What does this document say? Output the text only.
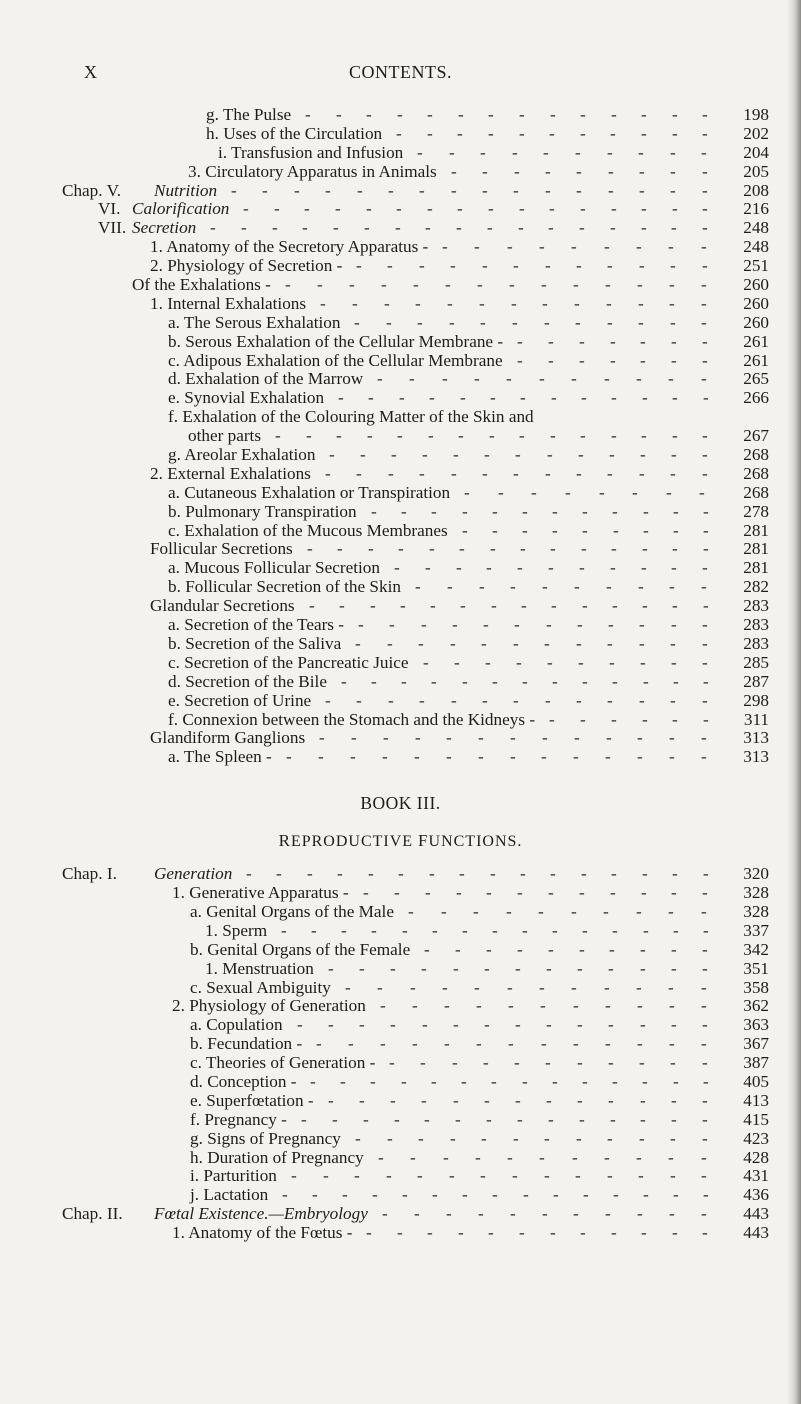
X	CONTENTS.
g. The Pulse	198
- - - - - - - - - - - - - -
h. Uses of the Circulation	202
- - - - - - - - - - -
i. Transfusion and Infusion	204
- - - - - - - - - -
3. Circulatory Apparatus in Animals	205
- - - - - - - - -
Chap. V. Nutrition	208
- - - - - - - - - - - - - - - -
VI. Calorification	216
- - - - - - - - - - - - - - - -
VII. Secretion	248
- - - - - - - - - - - - - - - - -
1. Anatomy of the Secretory Apparatus -	248
- - - - - - - - -
2. Physiology of Secretion -	251
- - - - - - - - - - - -
Of the Exhalations -	260
- - - - - - - - - - - - - -
1. Internal Exhalations	260
- - - - - - - - - - - - -
a. The Serous Exhalation	260
- - - - - - - - - - - -
b. Serous Exhalation of the Cellular Membrane -	261
- - - - - - -
c. Adipous Exhalation of the Cellular Membrane	261
- - - - - - -
d. Exhalation of the Marrow	265
- - - - - - - - - - -
e. Synovial Exhalation	266
- - - - - - - - - - - - -
f. Exhalation of the Colouring Matter of the Skin and
other parts	267
- - - - - - - - - - - - - - -
g. Areolar Exhalation	268
- - - - - - - - - - - - -
2. External Exhalations	268
- - - - - - - - - - - - -
a. Cutaneous Exhalation or Transpiration	268
- - - - - - - -
b. Pulmonary Transpiration	278
- - - - - - - - - - - -
c. Exhalation of the Mucous Membranes	281
- - - - - - - - -
Follicular Secretions	281
- - - - - - - - - - - - - -
a. Mucous Follicular Secretion	281
- - - - - - - - - - -
b. Follicular Secretion of the Skin	282
- - - - - - - - - -
Glandular Secretions	283
- - - - - - - - - - - - - -
a. Secretion of the Tears -	283
- - - - - - - - - - - -
b. Secretion of the Saliva	283
- - - - - - - - - - - -
c. Secretion of the Pancreatic Juice	285
- - - - - - - - - -
d. Secretion of the Bile	287
- - - - - - - - - - - - -
e. Secretion of Urine	298
- - - - - - - - - - - - -
f. Connexion between the Stomach and the Kidneys -	311
- - - - - -
Glandiform Ganglions	313
- - - - - - - - - - - - -
a. The Spleen -	313
- - - - - - - - - - - - - -
BOOK III.
REPRODUCTIVE FUNCTIONS.
Chap. I. Generation	320
- - - - - - - - - - - - - - - -
1. Generative Apparatus -	328
- - - - - - - - - - - -
a. Genital Organs of the Male	328
- - - - - - - - - -
1. Sperm	337
- - - - - - - - - - - - - - -
b. Genital Organs of the Female	342
- - - - - - - - - -
1. Menstruation	351
- - - - - - - - - - - - -
c. Sexual Ambiguity	358
- - - - - - - - - - - -
2. Physiology of Generation	362
- - - - - - - - - - -
a. Copulation	363
- - - - - - - - - - - - - -
b. Fecundation -	367
- - - - - - - - - - - - -
c. Theories of Generation -	387
- - - - - - - - - - -
d. Conception -	405
- - - - - - - - - - - - - -
e. Superfœtation -	413
- - - - - - - - - - - - -
f. Pregnancy -	415
- - - - - - - - - - - - - -
g. Signs of Pregnancy	423
- - - - - - - - - - - -
h. Duration of Pregnancy	428
- - - - - - - - - - -
i. Parturition	431
- - - - - - - - - - - - - -
j. Lactation	436
- - - - - - - - - - - - - - -
Chap. II. Fœtal Existence.—Embryology	443
- - - - - - - - - - -
1. Anatomy of the Fœtus -	443
- - - - - - - - - - - -
